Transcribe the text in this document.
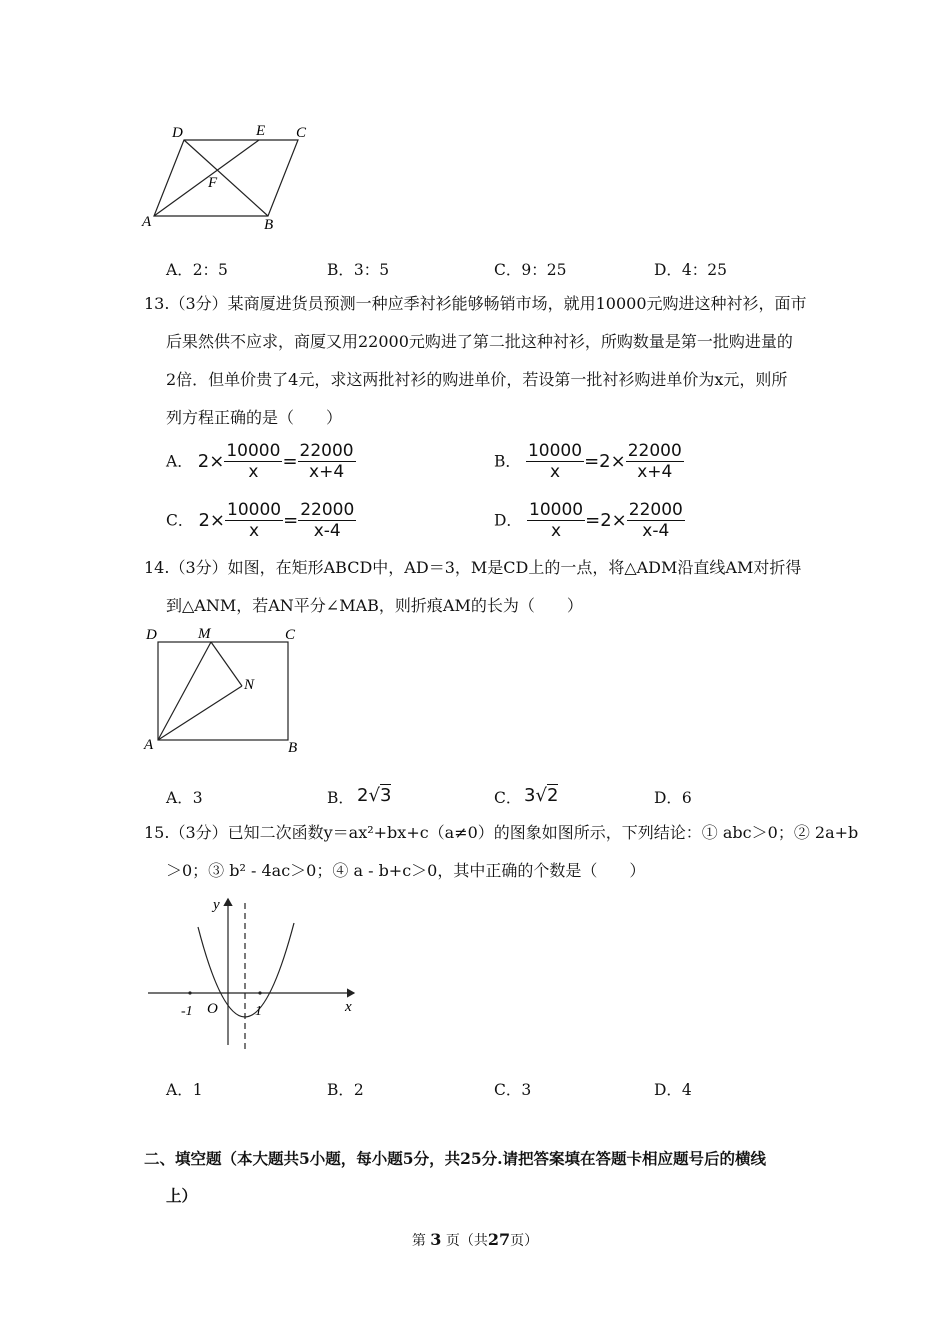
D	E C
F
A	B
A．2：5	B．3：5	C．9：25	D．4：25
13.（3分）某商厦进货员预测一种应季衬衫能够畅销市场，就用10000元购进这种衬衫，面市
后果然供不应求，商厦又用22000元购进了第二批这种衬衫，所购数量是第一批购进量的
2倍．但单价贵了4元，求这两批衬衫的购进单价，若设第一批衬衫购进单价为x元，则所
列方程正确的是（　　）
A． $2\times \frac{10000}{x} = \frac{22000}{x+4}$	B． $\frac{10000}{x} =2\times \frac{22000}{x+4}$
C． $2\times \frac{10000}{x} = \frac{22000}{x-4}$	D． $\frac{10000}{x} =2\times \frac{22000}{x-4}$
14.（3分）如图，在矩形ABCD中，AD＝3，M是CD上的一点，将△ADM沿直线AM对折得
到△ANM，若AN平分∠MAB，则折痕AM的长为（　　）
D	M	C
N
A	B
A．3	B． 2√3	C． 3√2	D．6
15.（3分）已知二次函数y＝ax²+bx+c（a≠0）的图象如图所示，下列结论：① abc＞0；② 2a+b
＞0；③ b² - 4ac＞0；④ a - b+c＞0，其中正确的个数是（　　）
y
x
O
-1	1
A．1	B．2	C．3	D．4
二、填空题（本大题共5小题，每小题5分，共25分.请把答案填在答题卡相应题号后的横线
上）
第 3 页（共27页）
